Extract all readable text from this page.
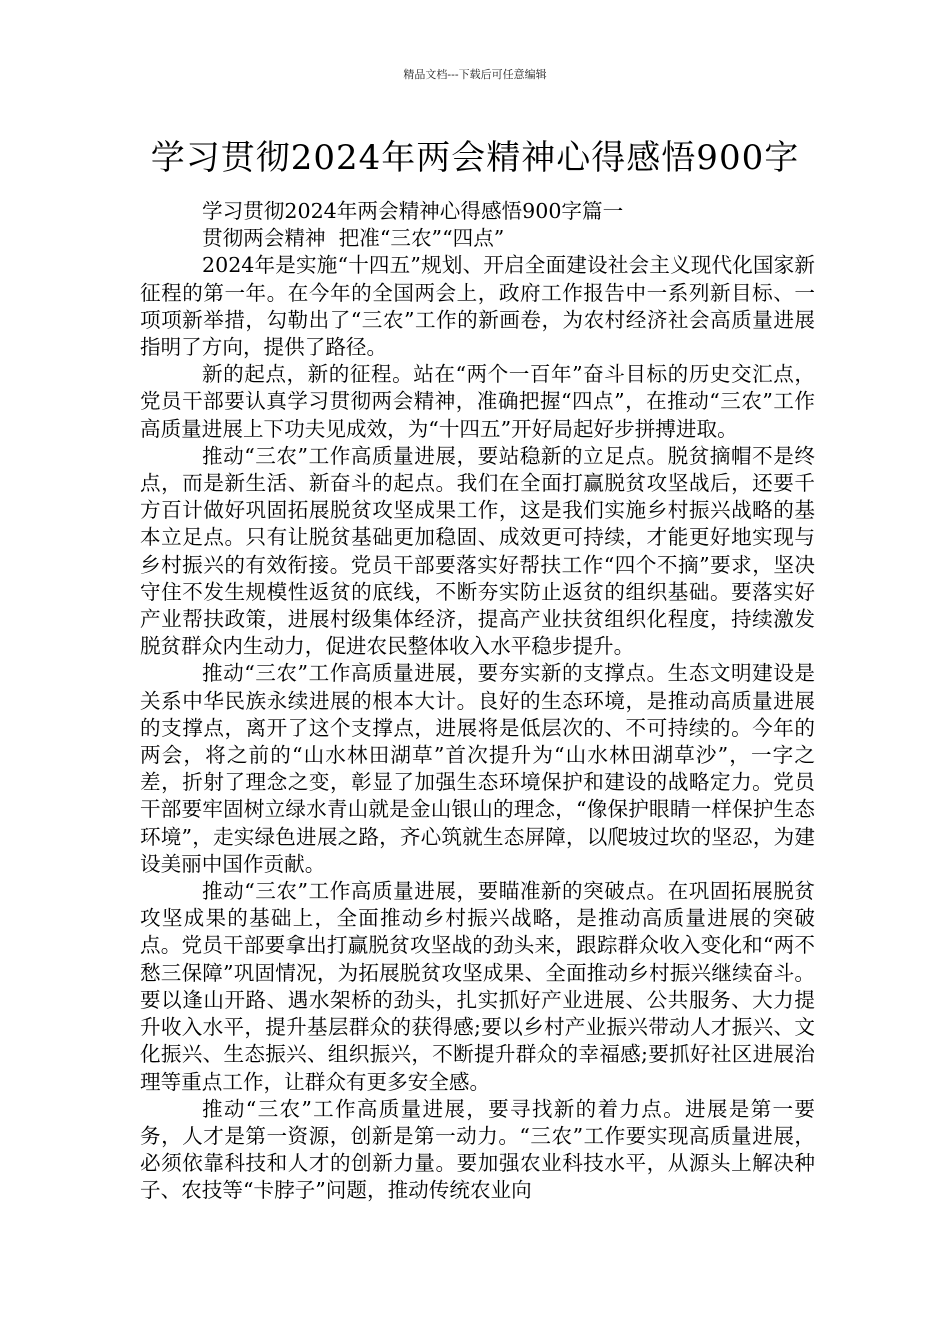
精品文档---下载后可任意编辑
学习贯彻2024年两会精神心得感悟900字

学习贯彻2024年两会精神心得感悟900字篇一

贯彻两会精神  把准“三农”“四点”

2024年是实施“十四五”规划、开启全面建设社会主义现代化国家新征程的第一年。在今年的全国两会上，政府工作报告中一系列新目标、一项项新举措，勾勒出了“三农”工作的新画卷，为农村经济社会高质量进展指明了方向，提供了路径。

新的起点，新的征程。站在“两个一百年”奋斗目标的历史交汇点，党员干部要认真学习贯彻两会精神，准确把握“四点”，在推动“三农”工作高质量进展上下功夫见成效，为“十四五”开好局起好步拼搏进取。

推动“三农”工作高质量进展，要站稳新的立足点。脱贫摘帽不是终点，而是新生活、新奋斗的起点。我们在全面打赢脱贫攻坚战后，还要千方百计做好巩固拓展脱贫攻坚成果工作，这是我们实施乡村振兴战略的基本立足点。只有让脱贫基础更加稳固、成效更可持续，才能更好地实现与乡村振兴的有效衔接。党员干部要落实好帮扶工作“四个不摘”要求，坚决守住不发生规模性返贫的底线，不断夯实防止返贫的组织基础。要落实好产业帮扶政策，进展村级集体经济，提高产业扶贫组织化程度，持续激发脱贫群众内生动力，促进农民整体收入水平稳步提升。

推动“三农”工作高质量进展，要夯实新的支撑点。生态文明建设是关系中华民族永续进展的根本大计。良好的生态环境，是推动高质量进展的支撑点，离开了这个支撑点，进展将是低层次的、不可持续的。今年的两会，将之前的“山水林田湖草”首次提升为“山水林田湖草沙”，一字之差，折射了理念之变，彰显了加强生态环境保护和建设的战略定力。党员干部要牢固树立绿水青山就是金山银山的理念，“像保护眼睛一样保护生态环境”，走实绿色进展之路，齐心筑就生态屏障，以爬坡过坎的坚忍，为建设美丽中国作贡献。

推动“三农”工作高质量进展，要瞄准新的突破点。在巩固拓展脱贫攻坚成果的基础上，全面推动乡村振兴战略，是推动高质量进展的突破点。党员干部要拿出打赢脱贫攻坚战的劲头来，跟踪群众收入变化和“两不愁三保障”巩固情况，为拓展脱贫攻坚成果、全面推动乡村振兴继续奋斗。要以逢山开路、遇水架桥的劲头，扎实抓好产业进展、公共服务、大力提升收入水平，提升基层群众的获得感;要以乡村产业振兴带动人才振兴、文化振兴、生态振兴、组织振兴，不断提升群众的幸福感;要抓好社区进展治理等重点工作，让群众有更多安全感。

推动“三农”工作高质量进展，要寻找新的着力点。进展是第一要务，人才是第一资源，创新是第一动力。“三农”工作要实现高质量进展，必须依靠科技和人才的创新力量。要加强农业科技水平，从源头上解决种子、农技等“卡脖子”问题，推动传统农业向
